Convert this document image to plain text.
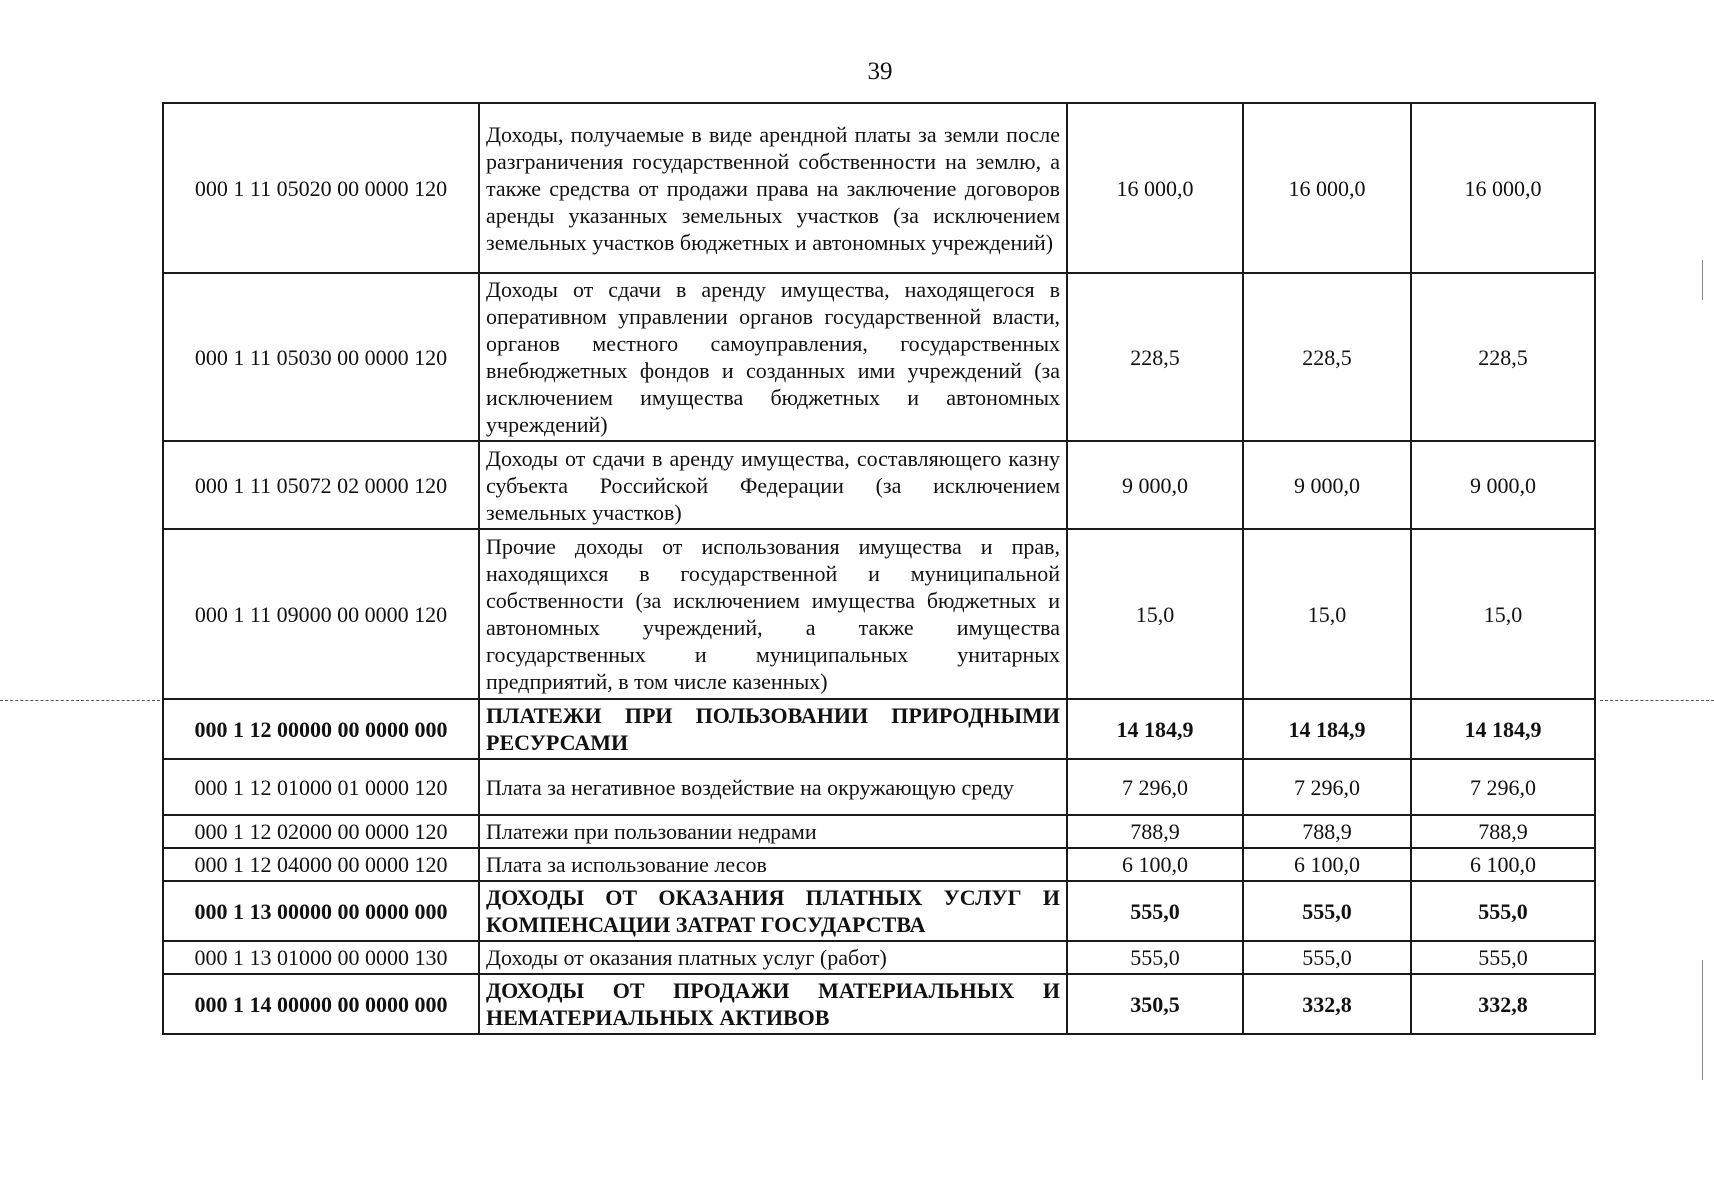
39
000 1 11 05020 00 0000 120	Доходы, получаемые в виде арендной платы за земли после разграничения государственной собственности на землю, а также средства от продажи права на заключение договоров аренды указанных земельных участков (за исключением земельных участков бюджетных и автономных учреждений)	16 000,0	16 000,0	16 000,0
000 1 11 05030 00 0000 120	Доходы от сдачи в аренду имущества, находящегося в оперативном управлении органов государственной власти, органов местного самоуправления, государственных внебюджетных фондов и созданных ими учреждений (за исключением имущества бюджетных и автономных учреждений)	228,5	228,5	228,5
000 1 11 05072 02 0000 120	Доходы от сдачи в аренду имущества, составляющего казну субъекта Российской Федерации (за исключением земельных участков)	9 000,0	9 000,0	9 000,0
000 1 11 09000 00 0000 120	Прочие доходы от использования имущества и прав, находящихся в государственной и муниципальной собственности (за исключением имущества бюджетных и автономных учреждений, а также имущества государственных и муниципальных унитарных предприятий, в том числе казенных)	15,0	15,0	15,0
000 1 12 00000 00 0000 000	ПЛАТЕЖИ ПРИ ПОЛЬЗОВАНИИ ПРИРОДНЫМИ РЕСУРСАМИ	14 184,9	14 184,9	14 184,9
000 1 12 01000 01 0000 120	Плата за негативное воздействие на окружающую среду	7 296,0	7 296,0	7 296,0
000 1 12 02000 00 0000 120	Платежи при пользовании недрами	788,9	788,9	788,9
000 1 12 04000 00 0000 120	Плата за использование лесов	6 100,0	6 100,0	6 100,0
000 1 13 00000 00 0000 000	ДОХОДЫ ОТ ОКАЗАНИЯ ПЛАТНЫХ УСЛУГ И КОМПЕНСАЦИИ ЗАТРАТ ГОСУДАРСТВА	555,0	555,0	555,0
000 1 13 01000 00 0000 130	Доходы от оказания платных услуг (работ)	555,0	555,0	555,0
000 1 14 00000 00 0000 000	ДОХОДЫ ОТ ПРОДАЖИ МАТЕРИАЛЬНЫХ И НЕМАТЕРИАЛЬНЫХ АКТИВОВ	350,5	332,8	332,8
